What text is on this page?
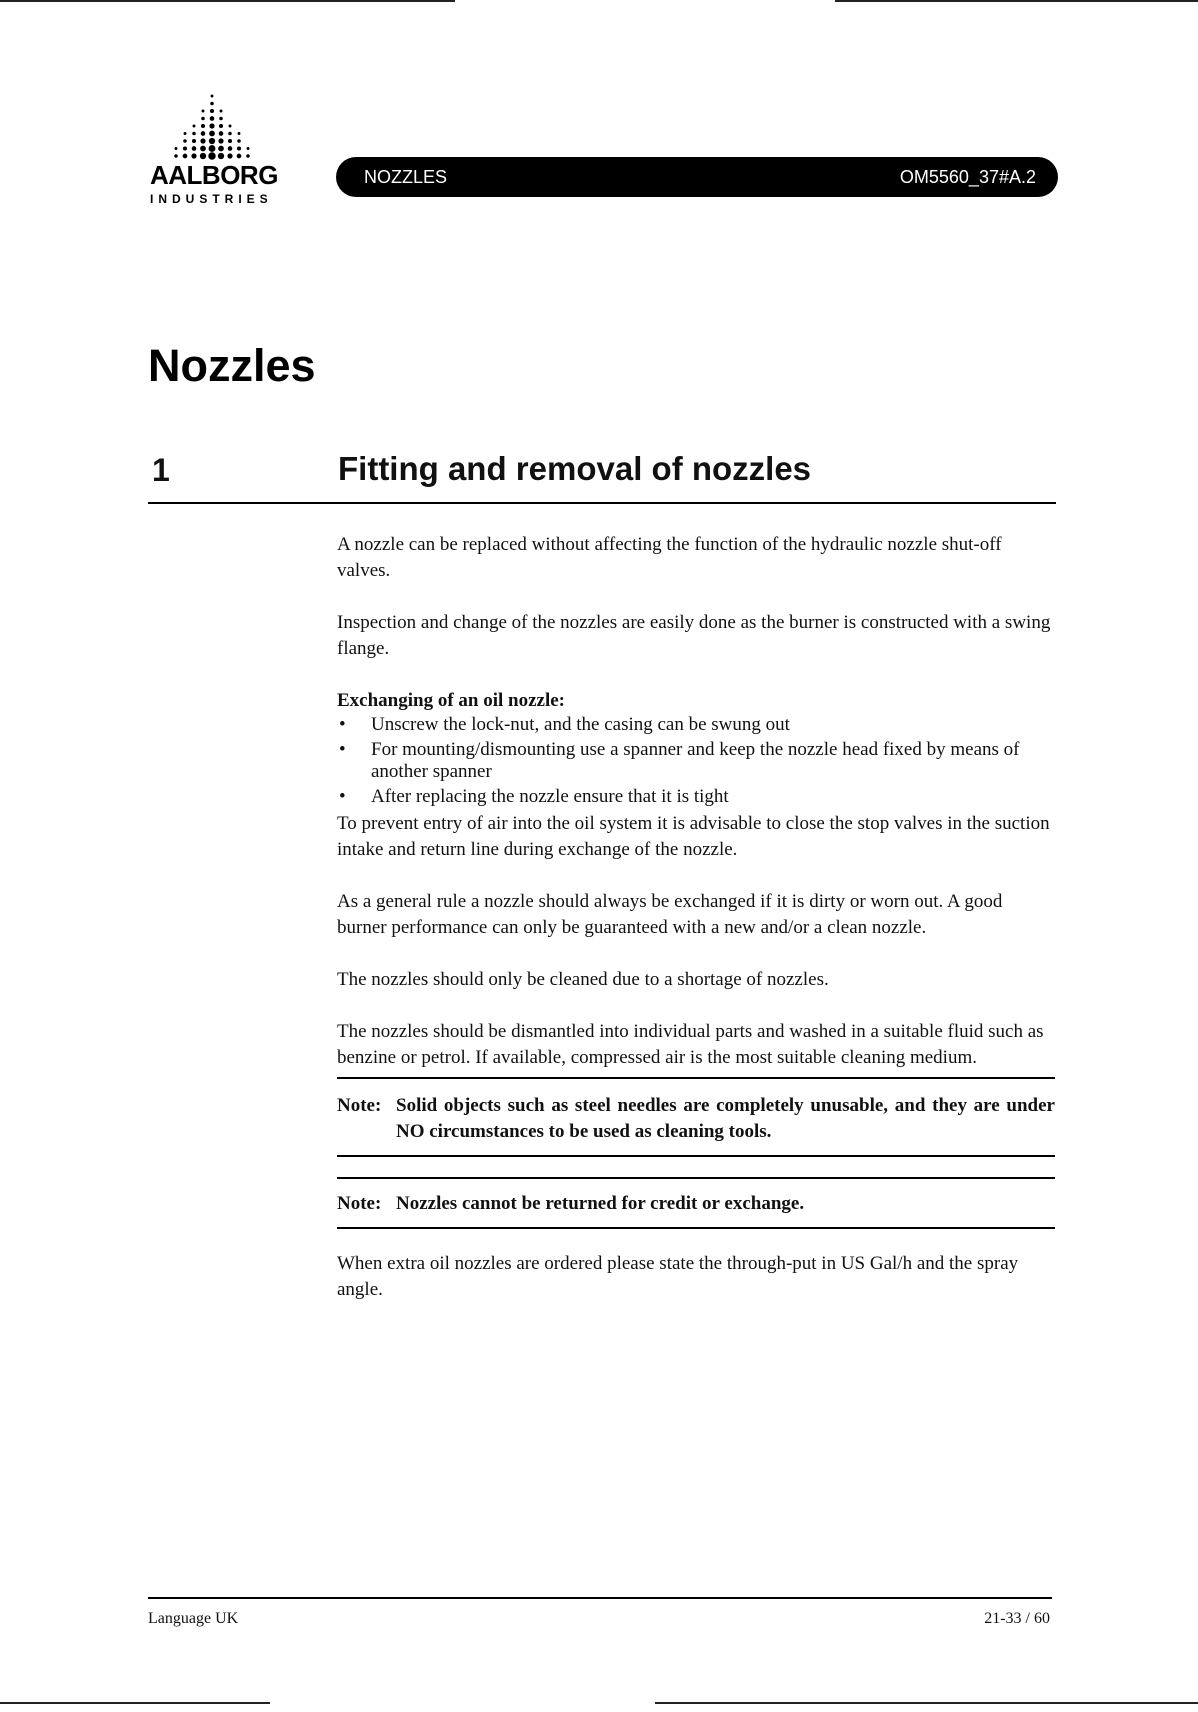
AALBORG
INDUSTRIES
NOZZLES	OM5560_37#A.2
Nozzles
1	Fitting and removal of nozzles

A nozzle can be replaced without affecting the function of the hydraulic nozzle shut-off valves.

Inspection and change of the nozzles are easily done as the burner is constructed with a swing flange.

Exchanging of an oil nozzle:

• Unscrew the lock-nut, and the casing can be swung out
• For mounting/dismounting use a spanner and keep the nozzle head fixed by means of another spanner
• After replacing the nozzle ensure that it is tight

To prevent entry of air into the oil system it is advisable to close the stop valves in the suction intake and return line during exchange of the nozzle.

As a general rule a nozzle should always be exchanged if it is dirty or worn out. A good burner performance can only be guaranteed with a new and/or a clean nozzle.

The nozzles should only be cleaned due to a shortage of nozzles.

The nozzles should be dismantled into individual parts and washed in a suitable fluid such as benzine or petrol. If available, compressed air is the most suitable cleaning medium.

Note: Solid objects such as steel needles are completely unusable, and they are under NO circumstances to be used as cleaning tools.
Note: Nozzles cannot be returned for credit or exchange.

When extra oil nozzles are ordered please state the through-put in US Gal/h and the spray angle.

Language UK	21-33 / 60
